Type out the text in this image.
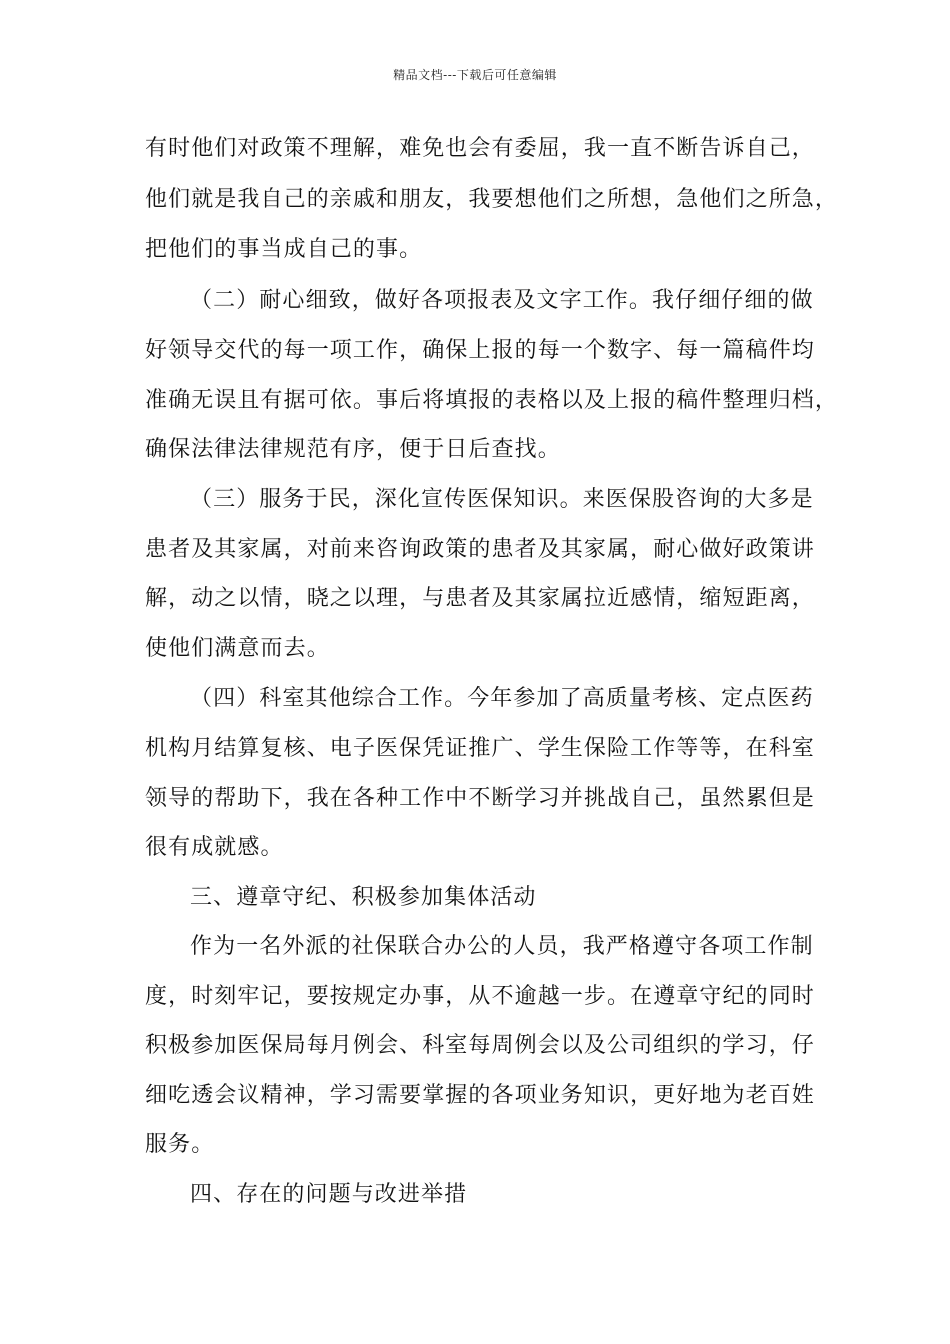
精品文档---下载后可任意编辑
有时他们对政策不理解，难免也会有委屈，我一直不断告诉自己，
他们就是我自己的亲戚和朋友，我要想他们之所想，急他们之所急，
把他们的事当成自己的事。
（二）耐心细致，做好各项报表及文字工作。我仔细仔细的做
好领导交代的每一项工作，确保上报的每一个数字、每一篇稿件均
准确无误且有据可依。事后将填报的表格以及上报的稿件整理归档，
确保法律法律规范有序，便于日后查找。
（三）服务于民，深化宣传医保知识。来医保股咨询的大多是
患者及其家属，对前来咨询政策的患者及其家属，耐心做好政策讲
解，动之以情，晓之以理，与患者及其家属拉近感情，缩短距离，
使他们满意而去。
（四）科室其他综合工作。今年参加了高质量考核、定点医药
机构月结算复核、电子医保凭证推广、学生保险工作等等，在科室
领导的帮助下，我在各种工作中不断学习并挑战自己，虽然累但是
很有成就感。
三、遵章守纪、积极参加集体活动
作为一名外派的社保联合办公的人员，我严格遵守各项工作制
度，时刻牢记，要按规定办事，从不逾越一步。在遵章守纪的同时
积极参加医保局每月例会、科室每周例会以及公司组织的学习，仔
细吃透会议精神，学习需要掌握的各项业务知识，更好地为老百姓
服务。
四、存在的问题与改进举措
